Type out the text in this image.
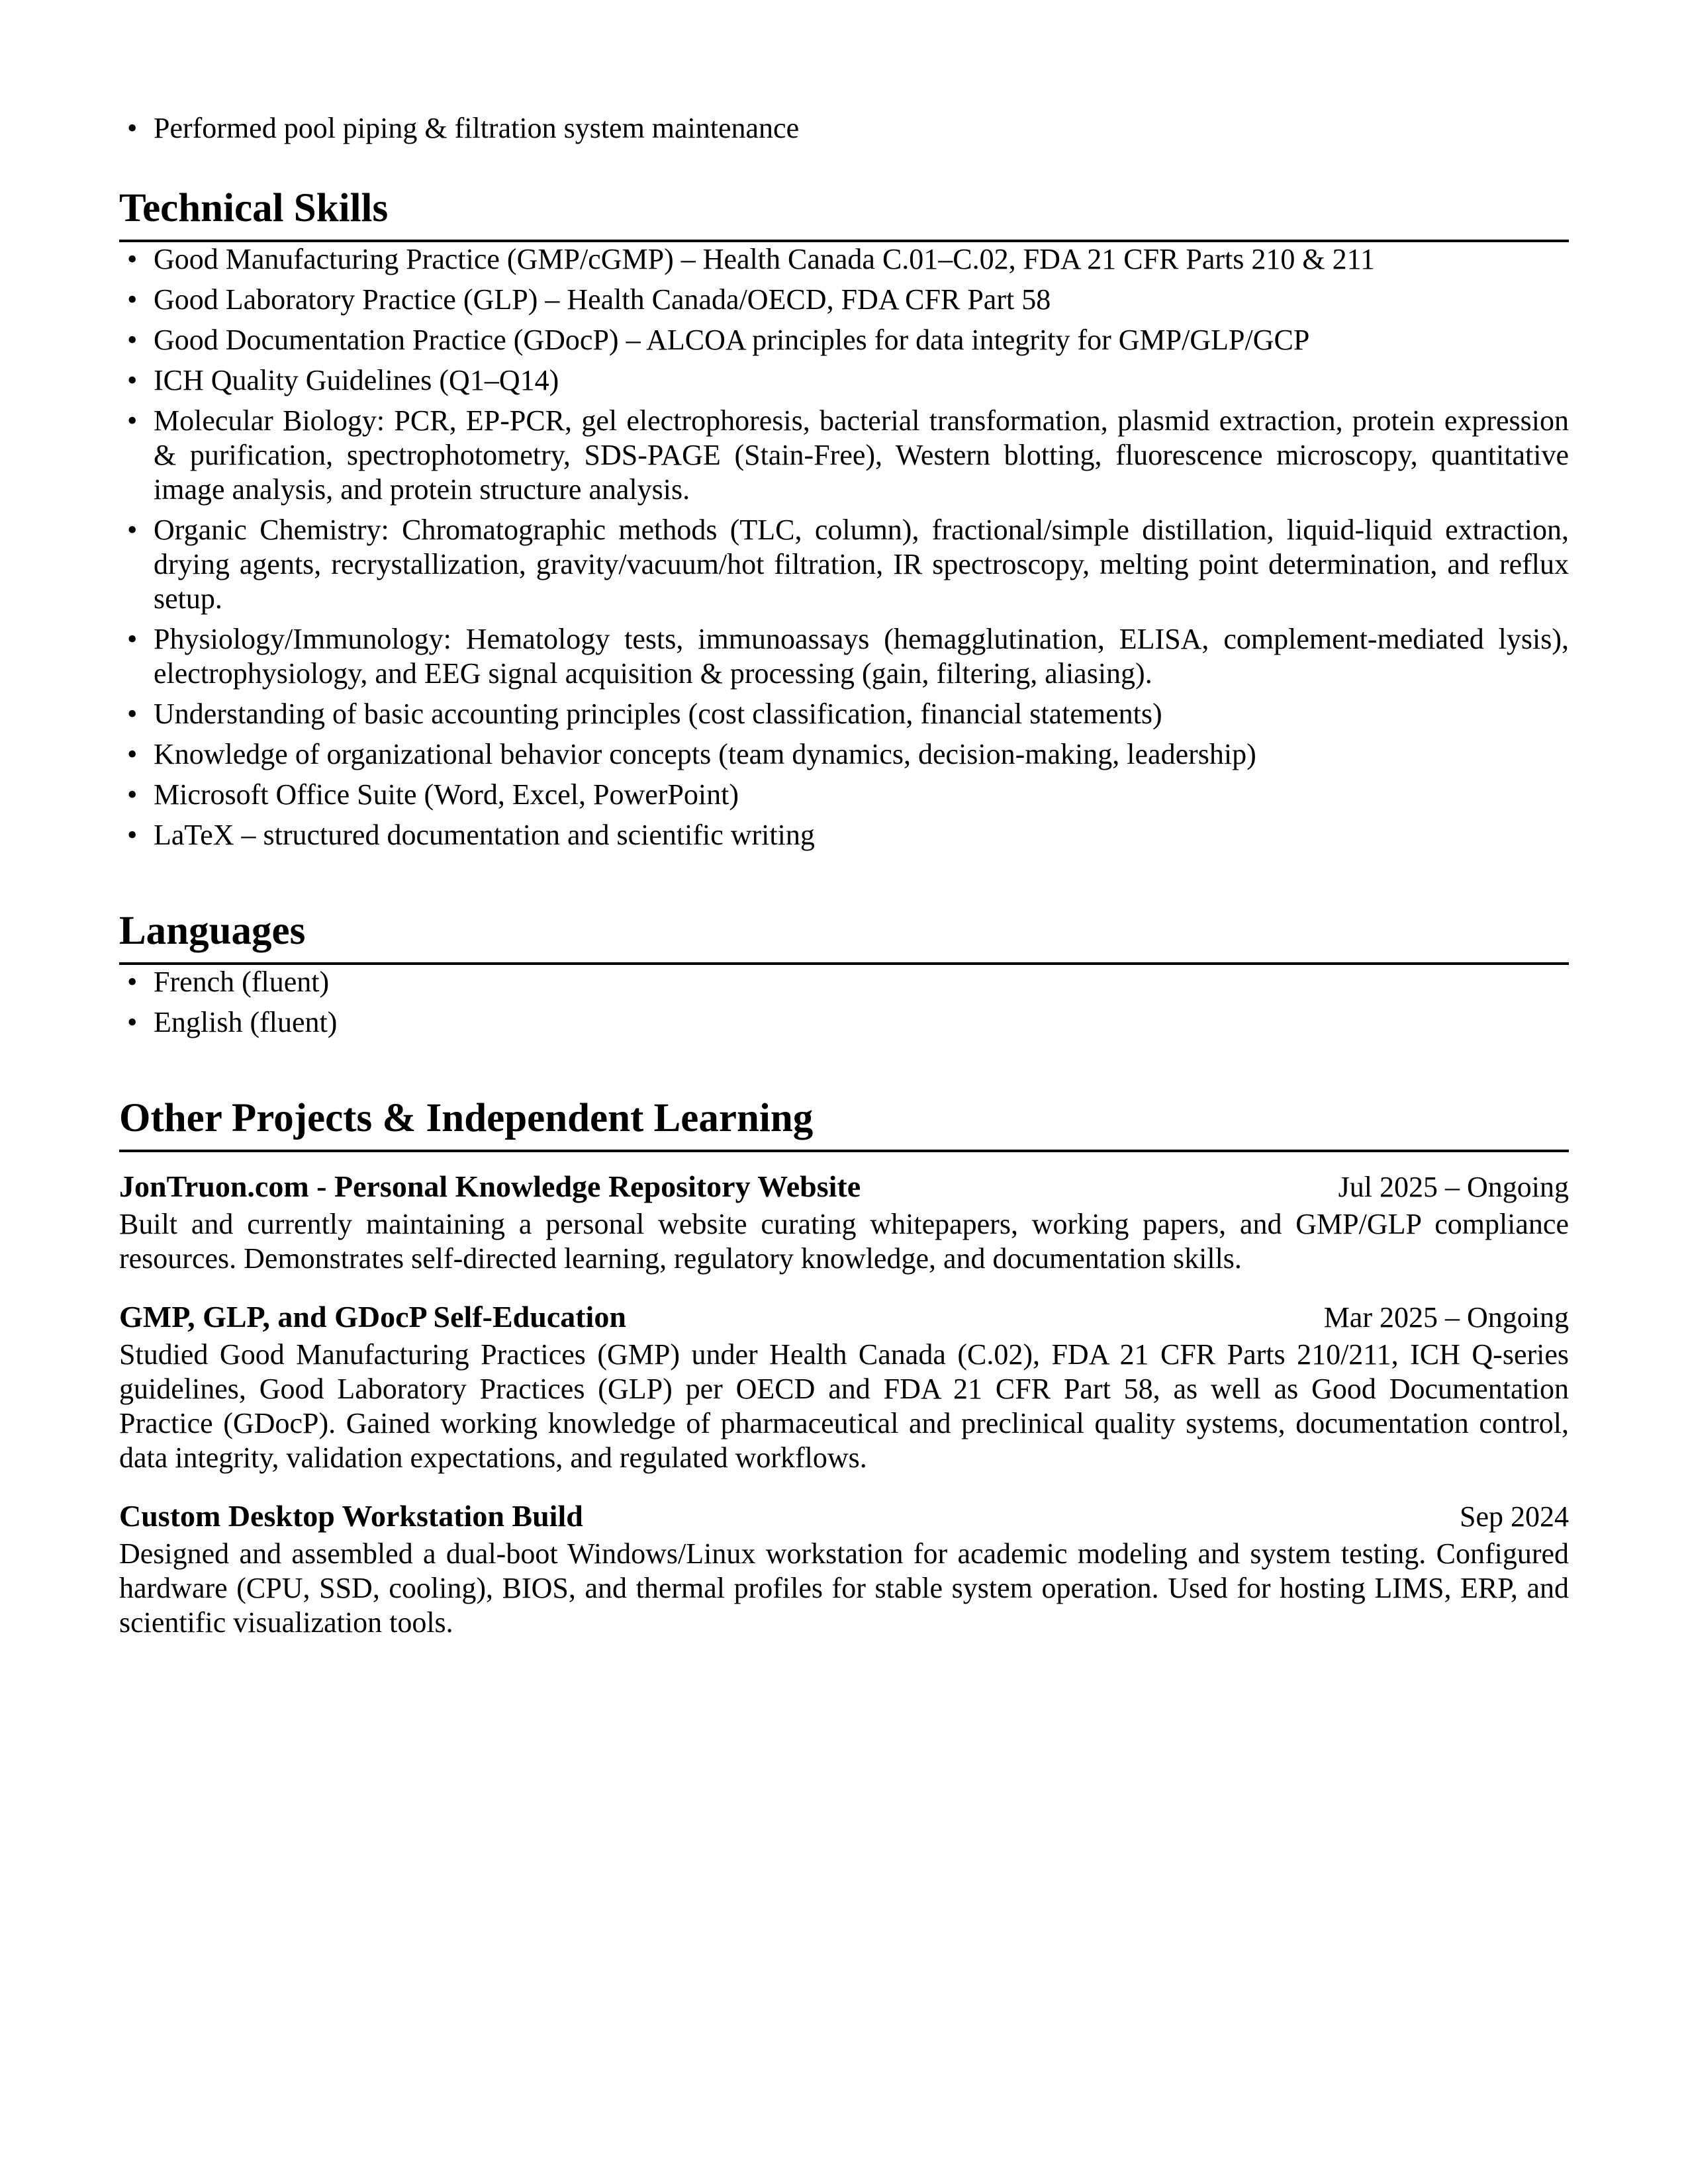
• Performed pool piping & filtration system maintenance
Technical Skills
• Good Manufacturing Practice (GMP/cGMP) – Health Canada C.01–C.02, FDA 21 CFR Parts 210 & 211
• Good Laboratory Practice (GLP) – Health Canada/OECD, FDA CFR Part 58
• Good Documentation Practice (GDocP) – ALCOA principles for data integrity for GMP/GLP/GCP
• ICH Quality Guidelines (Q1–Q14)
• Molecular Biology: PCR, EP-PCR, gel electrophoresis, bacterial transformation, plasmid extraction, protein expression & purification, spectrophotometry, SDS-PAGE (Stain-Free), Western blotting, fluorescence microscopy, quantitative image analysis, and protein structure analysis.
• Organic Chemistry: Chromatographic methods (TLC, column), fractional/simple distillation, liquid-liquid extraction, drying agents, recrystallization, gravity/vacuum/hot filtration, IR spectroscopy, melting point determination, and reflux setup.
• Physiology/Immunology: Hematology tests, immunoassays (hemagglutination, ELISA, complement-mediated lysis), electrophysiology, and EEG signal acquisition & processing (gain, filtering, aliasing).
• Understanding of basic accounting principles (cost classification, financial statements)
• Knowledge of organizational behavior concepts (team dynamics, decision-making, leadership)
• Microsoft Office Suite (Word, Excel, PowerPoint)
• LaTeX – structured documentation and scientific writing
Languages
• French (fluent)
• English (fluent)
Other Projects & Independent Learning
JonTruon.com - Personal Knowledge Repository Website	Jul 2025 – Ongoing
Built and currently maintaining a personal website curating whitepapers, working papers, and GMP/GLP compliance resources. Demonstrates self-directed learning, regulatory knowledge, and documentation skills.
GMP, GLP, and GDocP Self-Education	Mar 2025 – Ongoing
Studied Good Manufacturing Practices (GMP) under Health Canada (C.02), FDA 21 CFR Parts 210/211, ICH Q-series guidelines, Good Laboratory Practices (GLP) per OECD and FDA 21 CFR Part 58, as well as Good Documentation Practice (GDocP). Gained working knowledge of pharmaceutical and preclinical quality systems, documentation control, data integrity, validation expectations, and regulated workflows.
Custom Desktop Workstation Build	Sep 2024
Designed and assembled a dual-boot Windows/Linux workstation for academic modeling and system testing. Configured hardware (CPU, SSD, cooling), BIOS, and thermal profiles for stable system operation. Used for hosting LIMS, ERP, and scientific visualization tools.
